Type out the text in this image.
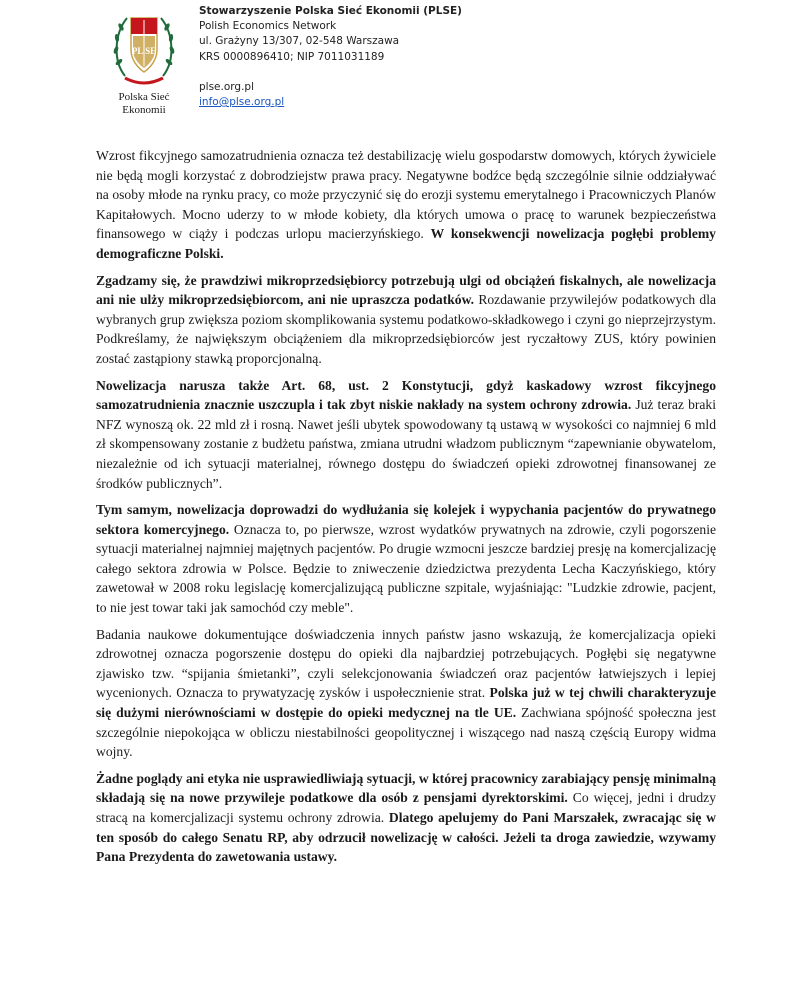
PL SE
Polska Sieć
Ekonomii
Stowarzyszenie Polska Sieć Ekonomii (PLSE)
Polish Economics Network
ul. Grażyny 13/307, 02-548 Warszawa
KRS 0000896410; NIP 7011031189
plse.org.pl
info@plse.org.pl

Wzrost fikcyjnego samozatrudnienia oznacza też destabilizację wielu gospodarstw domowych, których żywiciele nie będą mogli korzystać z dobrodziejstw prawa pracy. Negatywne bodźce będą szczególnie silnie oddziaływać na osoby młode na rynku pracy, co może przyczynić się do erozji systemu emerytalnego i Pracowniczych Planów Kapitałowych. Mocno uderzy to w młode kobiety, dla których umowa o pracę to warunek bezpieczeństwa finansowego w ciąży i podczas urlopu macierzyńskiego. W konsekwencji nowelizacja pogłębi problemy demograficzne Polski.

Zgadzamy się, że prawdziwi mikroprzedsiębiorcy potrzebują ulgi od obciążeń fiskalnych, ale nowelizacja ani nie ulży mikroprzedsiębiorcom, ani nie upraszcza podatków. Rozdawanie przywilejów podatkowych dla wybranych grup zwiększa poziom skomplikowania systemu podatkowo-składkowego i czyni go nieprzejrzystym. Podkreślamy, że największym obciążeniem dla mikroprzedsiębiorców jest ryczałtowy ZUS, który powinien zostać zastąpiony stawką proporcjonalną.

Nowelizacja narusza także Art. 68, ust. 2 Konstytucji, gdyż kaskadowy wzrost fikcyjnego samozatrudnienia znacznie uszczupla i tak zbyt niskie nakłady na system ochrony zdrowia. Już teraz braki NFZ wynoszą ok. 22 mld zł i rosną. Nawet jeśli ubytek spowodowany tą ustawą w wysokości co najmniej 6 mld zł skompensowany zostanie z budżetu państwa, zmiana utrudni władzom publicznym “zapewnianie obywatelom, niezależnie od ich sytuacji materialnej, równego dostępu do świadczeń opieki zdrowotnej finansowanej ze środków publicznych”.

Tym samym, nowelizacja doprowadzi do wydłużania się kolejek i wypychania pacjentów do prywatnego sektora komercyjnego. Oznacza to, po pierwsze, wzrost wydatków prywatnych na zdrowie, czyli pogorszenie sytuacji materialnej najmniej majętnych pacjentów. Po drugie wzmocni jeszcze bardziej presję na komercjalizację całego sektora zdrowia w Polsce. Będzie to zniweczenie dziedzictwa prezydenta Lecha Kaczyńskiego, który zawetował w 2008 roku legislację komercjalizującą publiczne szpitale, wyjaśniając: "Ludzkie zdrowie, pacjent, to nie jest towar taki jak samochód czy meble".

Badania naukowe dokumentujące doświadczenia innych państw jasno wskazują, że komercjalizacja opieki zdrowotnej oznacza pogorszenie dostępu do opieki dla najbardziej potrzebujących. Pogłębi się negatywne zjawisko tzw. “spijania śmietanki”, czyli selekcjonowania świadczeń oraz pacjentów łatwiejszych i lepiej wycenionych. Oznacza to prywatyzację zysków i uspołecznienie strat. Polska już w tej chwili charakteryzuje się dużymi nierównościami w dostępie do opieki medycznej na tle UE. Zachwiana spójność społeczna jest szczególnie niepokojąca w obliczu niestabilności geopolitycznej i wiszącego nad naszą częścią Europy widma wojny.

Żadne poglądy ani etyka nie usprawiedliwiają sytuacji, w której pracownicy zarabiający pensję minimalną składają się na nowe przywileje podatkowe dla osób z pensjami dyrektorskimi. Co więcej, jedni i drudzy stracą na komercjalizacji systemu ochrony zdrowia. Dlatego apelujemy do Pani Marszałek, zwracając się w ten sposób do całego Senatu RP, aby odrzucił nowelizację w całości. Jeżeli ta droga zawiedzie, wzywamy Pana Prezydenta do zawetowania ustawy.
